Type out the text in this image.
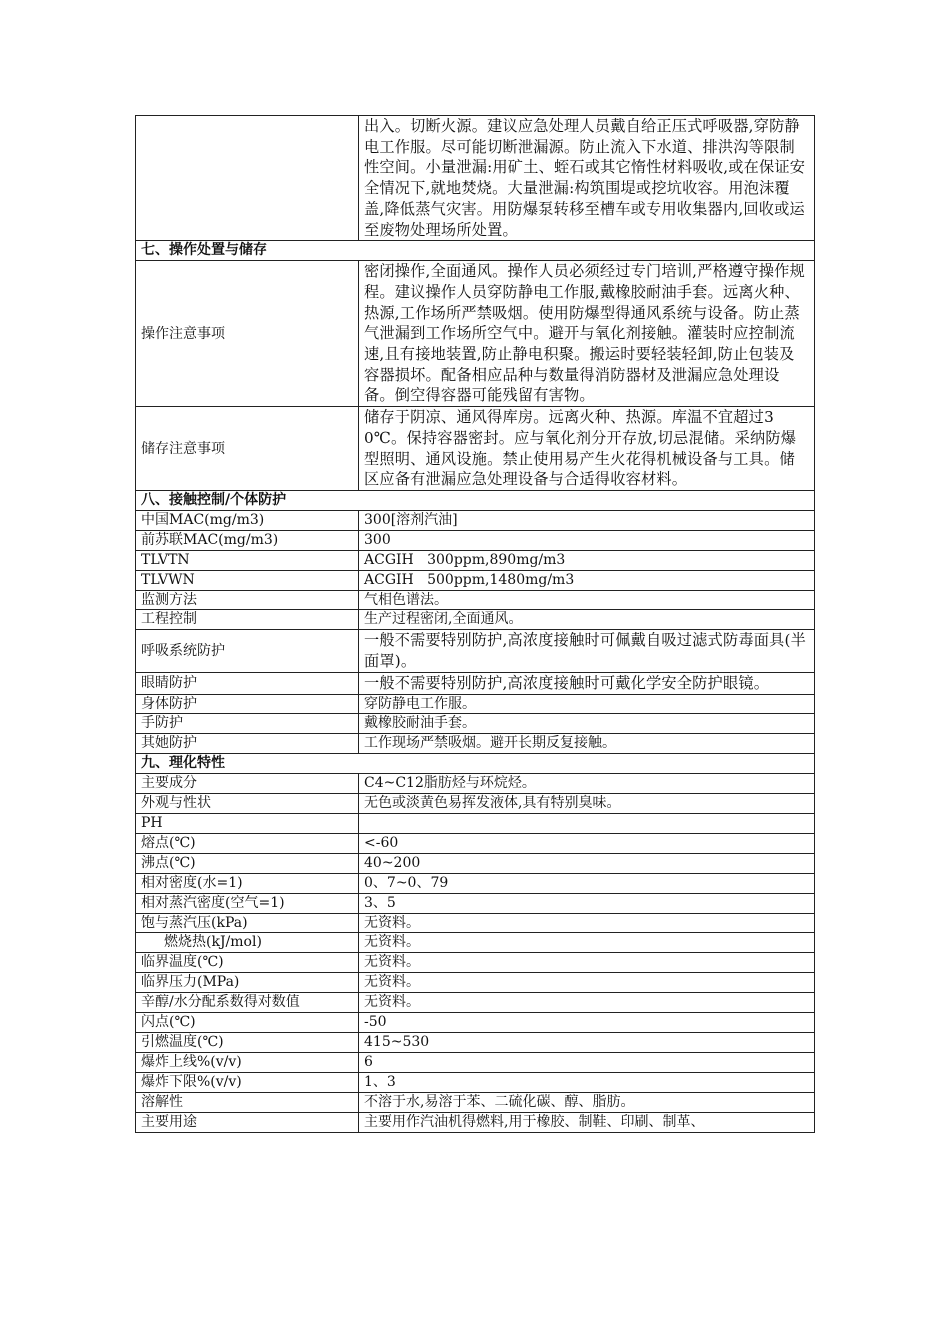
	出入。切断火源。建议应急处理人员戴自给正压式呼吸器,穿防静电工作服。尽可能切断泄漏源。防止流入下水道、排洪沟等限制性空间。小量泄漏:用矿土、蛭石或其它惰性材料吸收,或在保证安全情况下,就地焚烧。大量泄漏:构筑围堤或挖坑收容。用泡沫覆盖,降低蒸气灾害。用防爆泵转移至槽车或专用收集器内,回收或运至废物处理场所处置。
七、操作处置与储存	
操作注意事项	密闭操作,全面通风。操作人员必须经过专门培训,严格遵守操作规程。建议操作人员穿防静电工作服,戴橡胶耐油手套。远离火种、热源,工作场所严禁吸烟。使用防爆型得通风系统与设备。防止蒸气泄漏到工作场所空气中。避开与氧化剂接触。灌装时应控制流速,且有接地装置,防止静电积聚。搬运时要轻装轻卸,防止包装及容器损坏。配备相应品种与数量得消防器材及泄漏应急处理设备。倒空得容器可能残留有害物。
储存注意事项	储存于阴凉、通风得库房。远离火种、热源。库温不宜超过30℃。保持容器密封。应与氧化剂分开存放,切忌混储。采纳防爆型照明、通风设施。禁止使用易产生火花得机械设备与工具。储区应备有泄漏应急处理设备与合适得收容材料。
八、接触控制/个体防护	
中国MAC(mg/m3)	300[溶剂汽油]
前苏联MAC(mg/m3)	300
TLVTN	ACGIH   300ppm,890mg/m3
TLVWN	ACGIH   500ppm,1480mg/m3
监测方法	气相色谱法。
工程控制	生产过程密闭,全面通风。
呼吸系统防护	一般不需要特别防护,高浓度接触时可佩戴自吸过滤式防毒面具(半面罩)。
眼睛防护	一般不需要特别防护,高浓度接触时可戴化学安全防护眼镜。
身体防护	穿防静电工作服。
手防护	戴橡胶耐油手套。
其她防护	工作现场严禁吸烟。避开长期反复接触。
九、理化特性	
主要成分	C4~C12脂肪烃与环烷烃。
外观与性状	无色或淡黄色易挥发液体,具有特别臭味。
PH	
熔点(℃)	<-60
沸点(℃)	40~200
相对密度(水=1)	0、7~0、79
相对蒸汽密度(空气=1)	3、5
饱与蒸汽压(kPa)	无资料。
燃烧热(kJ/mol)	无资料。
临界温度(℃)	无资料。
临界压力(MPa)	无资料。
辛醇/水分配系数得对数值	无资料。
闪点(℃)	-50
引燃温度(℃)	415~530
爆炸上线%(v/v)	6
爆炸下限%(v/v)	1、3
溶解性	不溶于水,易溶于苯、二硫化碳、醇、脂肪。
主要用途	主要用作汽油机得燃料,用于橡胶、制鞋、印刷、制革、
